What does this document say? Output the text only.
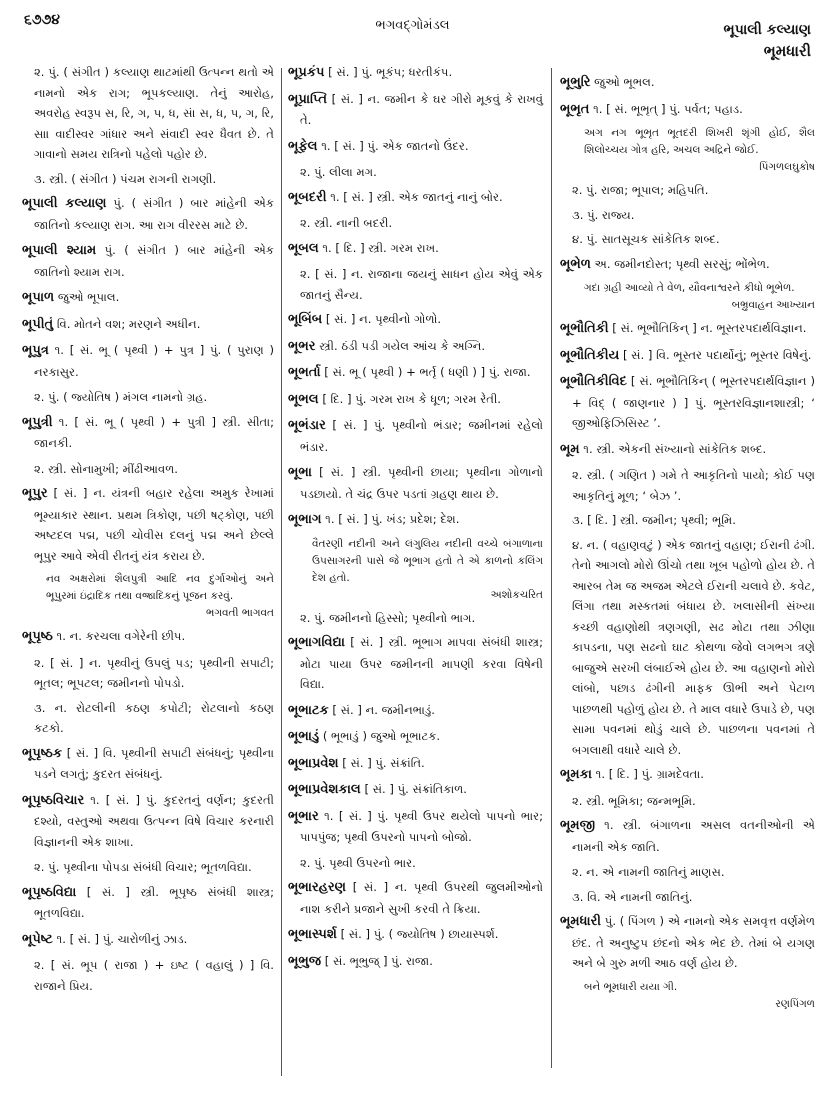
૬૭૭૪	ભગવદ્ગોમંડલ	ભૂપાલી કલ્યાણ
ભૂમધારી
૨. પું. ( સંગીત ) કલ્યાણ થાટમાંથી ઉત્પન્ન થતો એ નામનો એક રાગ; ભૂપકલ્યાણ. તેનું આરોહ, અવરોહ સ્વરૂપ સ, રિ, ગ, પ, ધ, સં। સ, ધ, પ, ગ, રિ, સ॥ વાદીસ્વર ગાંધાર અને સંવાદી સ્વર ધૈવત છે. તે ગાવાનો સમય રાત્રિનો પહેલો પહોર છે.
૩. સ્ત્રી. ( સંગીત ) પંચમ રાગની રાગણી.
ભૂપાલી કલ્યાણ પું. ( સંગીત ) બાર માંહેની એક જાતિનો કલ્યાણ રાગ. આ રાગ વીરરસ માટે છે.
ભૂપાલી શ્યામ પું. ( સંગીત ) બાર માંહેની એક જાતિનો શ્યામ રાગ.
ભૂપાળ જુઓ ભૂપાલ.
ભૂપીતું વિ. મોતને વશ; મરણને અધીન.
ભૂપુત્ર ૧. [ સં. ભૂ ( પૃથ્વી ) + પુત્ર ] પું. ( પુરાણ ) નરકાસુર.
૨. પું. ( જ્યોતિષ ) મંગલ નામનો ગ્રહ.
ભૂપુત્રી ૧. [ સં. ભૂ ( પૃથ્વી ) + પુત્રી ] સ્ત્રી. સીતા; જાનકી.
૨. સ્ત્રી. સોનામુખી; મીંઢીઆવળ.
ભૂપુર [ સં. ] ન. યંત્રની બહાર રહેલા અમુક રેખામાં ભૂમ્યાકાર સ્થાન. પ્રથમ ત્રિકોણ, પછી ષટ્કોણ, પછી અષ્ટદલ પદ્મ, પછી ચોવીસ દલનું પદ્મ અને છેલ્લે ભૂપુર આવે એવી રીતનું યંત્ર કરાય છે.
નવ અક્ષરોમાં શૈલપુત્રી આદિ નવ દુર્ગાઓનું અને ભૂપુરમાં ઇંદ્રાદિક તથા વજ્રાદિકનું પૂજન કરવું.
ભગવતી ભાગવત
ભૂપૃષ્ઠ ૧. ન. કરચલા વગેરેની છીપ.
૨. [ સં. ] ન. પૃથ્વીનું ઉપલું પડ; પૃથ્વીની સપાટી; ભૂતલ; ભૂપટલ; જમીનનો પોપડો.
૩. ન. રોટલીની કઠણ કપોટી; રોટલાનો કઠણ કટકો.
ભૂપૃષ્ઠક [ સં. ] વિ. પૃથ્વીની સપાટી સંબંધનું; પૃથ્વીના પડને લગતું; કુદરત સંબંધનું.
ભૂપૃષ્ઠવિચાર ૧. [ સં. ] પું. કુદરતનું વર્ણન; કુદરતી દશ્યો, વસ્તુઓ અથવા ઉત્પન્ન વિષે વિચાર કરનારી વિજ્ઞાનની એક શાખા.
૨. પું. પૃથ્વીના પોપડા સંબંધી વિચાર; ભૂતળવિદ્યા.
ભૂપૃષ્ઠવિદ્યા [ સં. ] સ્ત્રી. ભૂપૃષ્ઠ સંબંધી શાસ્ત્ર; ભૂતળવિદ્યા.
ભૂપેષ્ટ ૧. [ સં. ] પું. ચારોળીનું ઝાડ.
૨. [ સં. ભૂપ ( રાજા ) + ઇષ્ટ ( વહાલું ) ] વિ. રાજાને પ્રિય.
ભૂપ્રકંપ [ સં. ] પું. ભૂકંપ; ધરતીકંપ.
ભૂપ્રાપ્તિ [ સં. ] ન. જમીન કે ઘર ગીરો મૂકવું કે રાખવું તે.
ભૂફેલ ૧. [ સં. ] પું. એક જાતનો ઉંદર.
૨. પું. લીલા મગ.
ભૂબદરી ૧. [ સં. ] સ્ત્રી. એક જાતનું નાનું બોર.
૨. સ્ત્રી. નાની બદરી.
ભૂબલ ૧. [ દિ. ] સ્ત્રી. ગરમ રાખ.
૨. [ સં. ] ન. રાજાના જયનું સાધન હોય એવું એક જાતનું સૈન્ય.
ભૂબિંબ [ સં. ] ન. પૃથ્વીનો ગોળો.
ભૂભર સ્ત્રી. ઠંડી પડી ગયેલ આંચ કે અગ્નિ.
ભૂભર્તા [ સં. ભૂ ( પૃથ્વી ) + ભર્તૃ ( ધણી ) ] પું. રાજા.
ભૂભલ [ દિ. ] પું. ગરમ રાખ કે ધૂળ; ગરમ રેતી.
ભૂભંડાર [ સં. ] પું. પૃથ્વીનો ભંડાર; જમીનમાં રહેલો ભંડાર.
ભૂભા [ સં. ] સ્ત્રી. પૃથ્વીની છાયા; પૃથ્વીના ગોળાનો પડછાયો. તે ચંદ્ર ઉપર પડતાં ગ્રહણ થાય છે.
ભૂભાગ ૧. [ સં. ] પું. ખંડ; પ્રદેશ; દેશ.
વૈતરણી નદીની અને લંગુલિય નદીની વચ્ચે બંગાળાના ઉપસાગરની પાસે જે ભૂભાગ હતો તે એ કાળનો કલિંગ દેશ હતો.
અશોકચરિત
૨. પું. જમીનનો હિસ્સો; પૃથ્વીનો ભાગ.
ભૂભાગવિદ્યા [ સં. ] સ્ત્રી. ભૂભાગ માપવા સંબંધી શાસ્ત્ર; મોટા પાયા ઉપર જમીનની માપણી કરવા વિષેની વિદ્યા.
ભૂભાટક [ સં. ] ન. જમીનભાડું.
ભૂભાડું ( ભૂભાડું ) જુઓ ભૂભાટક.
ભૂભાપ્રવેશ [ સં. ] પું. સંક્રાંતિ.
ભૂભાપ્રવેશકાલ [ સં. ] પું. સંક્રાંતિકાળ.
ભૂભાર ૧. [ સં. ] પું. પૃથ્વી ઉપર થયેલો પાપનો ભાર; પાપપુંજ; પૃથ્વી ઉપરનો પાપનો બોજો.
૨. પું. પૃથ્વી ઉપરનો ભાર.
ભૂભારહરણ [ સં. ] ન. પૃથ્વી ઉપરથી જુલમીઓનો નાશ કરીને પ્રજાને સુખી કરવી તે ક્રિયા.
ભૂભાસ્પર્શ [ સં. ] પું. ( જ્યોતિષ ) છાયાસ્પર્શ.
ભૂભુજ [ સં. ભૂભુજ્ ] પું. રાજા.
ભૂભુરિ જુઓ ભૂભલ.
ભૂભૃત ૧. [ સં. ભૂભૃત્ ] પું. પર્વત; પહાડ.
અગ નગ ભૂભૃત ભૂતદરી શિખરી શૃંગી હોઈ, શૈલ શિલોચ્ચય ગોત્ર હરિ, અચલ અદ્રિને જોઈ.
પિંગળલઘુકોષ
૨. પું. રાજા; ભૂપાલ; મહિપતિ.
૩. પું. રાજ્ય.
૪. પું. સાતસૂચક સાંકેતિક શબ્દ.
ભૂભેળ અ. જમીનદોસ્ત; પૃથ્વી સરસું; ભોંભેળ.
ગદા ગ્રહી આવ્યો તે વેળ, યૌવનાશ્વરને કીધો ભૂભેળ.
બભ્રુવાહન આખ્યાન
ભૂભૌતિકી [ સં. ભૂભૌતિકિન્ ] ન. ભૂસ્તરપદાર્થવિજ્ઞાન.
ભૂભૌતિકીય [ સં. ] વિ. ભૂસ્તર પદાર્થોનું; ભૂસ્તર વિષેનું.
ભૂભૌતિકીવિદ [ સં. ભૂભૌતિકિન્ ( ભૂસ્તરપદાર્થવિજ્ઞાન ) + વિદ્ ( જાણનાર ) ] પું. ભૂસ્તરવિજ્ઞાનશાસ્ત્રી; ‘ જીઓફિઝિસિસ્ટ ’.
ભૂમ ૧. સ્ત્રી. એકની સંખ્યાનો સાંકેતિક શબ્દ.
૨. સ્ત્રી. ( ગણિત ) ગમે તે આકૃતિનો પાયો; કોઈ પણ આકૃતિનું મૂળ; ‘ બેઝ ’.
૩. [ દિ. ] સ્ત્રી. જમીન; પૃથ્વી; ભૂમિ.
૪. ન. ( વહાણવટું ) એક જાતનું વહાણ; ઈરાની ઢંગી. તેનો આગલો મોરો ઊંચો તથા ખૂબ પહોળો હોય છે. તે આરબ તેમ જ અજમ એટલે ઈરાની ચલાવે છે. કવેટ, લિંગા તથા મસ્કતમાં બંધાય છે. ખલાસીની સંખ્યા કચ્છી વહાણોથી ત્રણગણી, સઢ મોટા તથા ઝીણા કાપડના, પણ સઢનો ઘાટ કોથળા જેવો લગભગ ત્રણે બાજુએ સરખી લંબાઈએ હોય છે. આ વહાણનો મોરો લાંબો, પછાડ ઢંગીની માફક ઊભી અને પેટાળ પાછળથી પહોળું હોય છે. તે માલ વધારે ઉપાડે છે, પણ સામા પવનમાં થોડું ચાલે છે. પાછળના પવનમાં તે બગલાથી વધારે ચાલે છે.
ભૂમકા ૧. [ દિ. ] પું. ગ્રામદેવતા.
૨. સ્ત્રી. ભૂમિકા; જન્મભૂમિ.
ભૂમજી ૧. સ્ત્રી. બંગાળના અસલ વતનીઓની એ નામની એક જાતિ.
૨. ન. એ નામની જાતિનું માણસ.
૩. વિ. એ નામની જાતિનું.
ભૂમધારી પું. ( પિંગળ ) એ નામનો એક સમવૃત્ત વર્ણમેળ છંદ. તે અનુષ્ટુપ છંદનો એક ભેદ છે. તેમાં બે યગણ અને બે ગુરુ મળી આઠ વર્ણ હોય છે.
બને ભૂમધારી યયા ગી.
રણપિંગળ
